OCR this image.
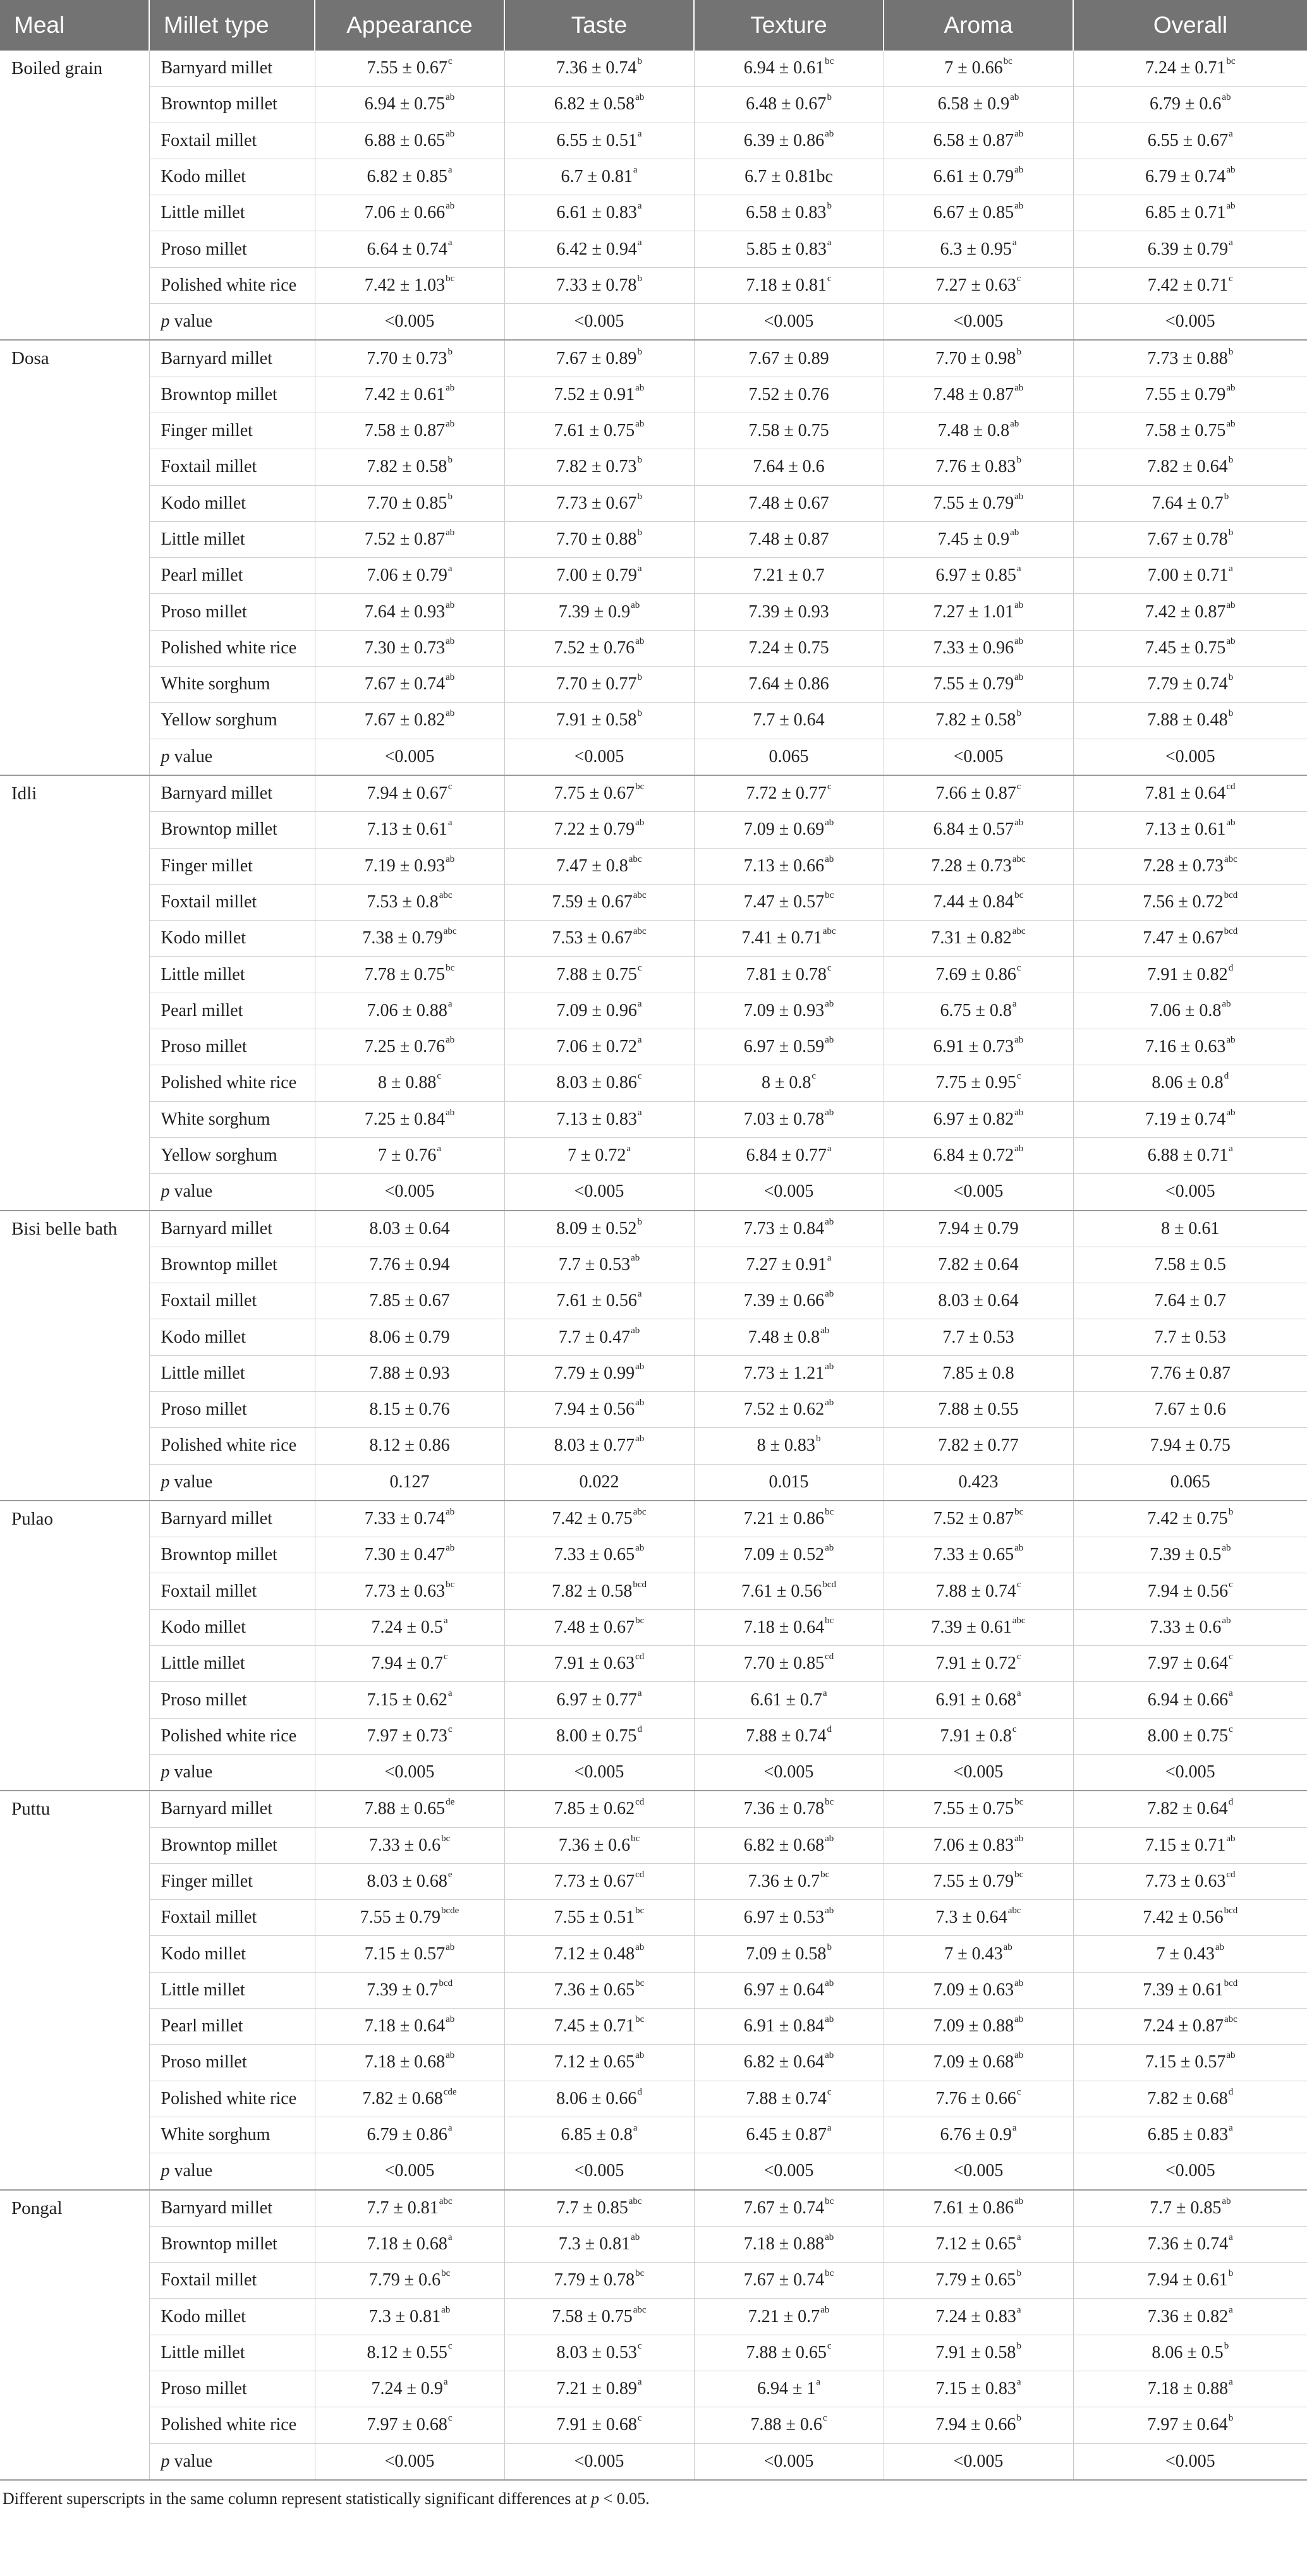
Meal	Millet type	Appearance	Taste	Texture	Aroma	Overall
Boiled grain	Barnyard millet	7.55 ± 0.67$^c$	7.36 ± 0.74$^b$	6.94 ± 0.61$^{bc}$	7 ± 0.66$^{bc}$	7.24 ± 0.71$^{bc}$
	Browntop millet	6.94 ± 0.75$^{ab}$	6.82 ± 0.58$^{ab}$	6.48 ± 0.67$^b$	6.58 ± 0.9$^{ab}$	6.79 ± 0.6$^{ab}$
	Foxtail millet	6.88 ± 0.65$^{ab}$	6.55 ± 0.51$^a$	6.39 ± 0.86$^{ab}$	6.58 ± 0.87$^{ab}$	6.55 ± 0.67$^a$
	Kodo millet	6.82 ± 0.85$^a$	6.7 ± 0.81$^a$	6.7 ± 0.81bc	6.61 ± 0.79$^{ab}$	6.79 ± 0.74$^{ab}$
	Little millet	7.06 ± 0.66$^{ab}$	6.61 ± 0.83$^a$	6.58 ± 0.83$^b$	6.67 ± 0.85$^{ab}$	6.85 ± 0.71$^{ab}$
	Proso millet	6.64 ± 0.74$^a$	6.42 ± 0.94$^a$	5.85 ± 0.83$^a$	6.3 ± 0.95$^a$	6.39 ± 0.79$^a$
	Polished white rice	7.42 ± 1.03$^{bc}$	7.33 ± 0.78$^b$	7.18 ± 0.81$^c$	7.27 ± 0.63$^c$	7.42 ± 0.71$^c$
	p value	<0.005	<0.005	<0.005	<0.005	<0.005
Dosa	Barnyard millet	7.70 ± 0.73$^b$	7.67 ± 0.89$^b$	7.67 ± 0.89	7.70 ± 0.98$^b$	7.73 ± 0.88$^b$
	Browntop millet	7.42 ± 0.61$^{ab}$	7.52 ± 0.91$^{ab}$	7.52 ± 0.76	7.48 ± 0.87$^{ab}$	7.55 ± 0.79$^{ab}$
	Finger millet	7.58 ± 0.87$^{ab}$	7.61 ± 0.75$^{ab}$	7.58 ± 0.75	7.48 ± 0.8$^{ab}$	7.58 ± 0.75$^{ab}$
	Foxtail millet	7.82 ± 0.58$^b$	7.82 ± 0.73$^b$	7.64 ± 0.6	7.76 ± 0.83$^b$	7.82 ± 0.64$^b$
	Kodo millet	7.70 ± 0.85$^b$	7.73 ± 0.67$^b$	7.48 ± 0.67	7.55 ± 0.79$^{ab}$	7.64 ± 0.7$^b$
	Little millet	7.52 ± 0.87$^{ab}$	7.70 ± 0.88$^b$	7.48 ± 0.87	7.45 ± 0.9$^{ab}$	7.67 ± 0.78$^b$
	Pearl millet	7.06 ± 0.79$^a$	7.00 ± 0.79$^a$	7.21 ± 0.7	6.97 ± 0.85$^a$	7.00 ± 0.71$^a$
	Proso millet	7.64 ± 0.93$^{ab}$	7.39 ± 0.9$^{ab}$	7.39 ± 0.93	7.27 ± 1.01$^{ab}$	7.42 ± 0.87$^{ab}$
	Polished white rice	7.30 ± 0.73$^{ab}$	7.52 ± 0.76$^{ab}$	7.24 ± 0.75	7.33 ± 0.96$^{ab}$	7.45 ± 0.75$^{ab}$
	White sorghum	7.67 ± 0.74$^{ab}$	7.70 ± 0.77$^b$	7.64 ± 0.86	7.55 ± 0.79$^{ab}$	7.79 ± 0.74$^b$
	Yellow sorghum	7.67 ± 0.82$^{ab}$	7.91 ± 0.58$^b$	7.7 ± 0.64	7.82 ± 0.58$^b$	7.88 ± 0.48$^b$
	p value	<0.005	<0.005	0.065	<0.005	<0.005
Idli	Barnyard millet	7.94 ± 0.67$^c$	7.75 ± 0.67$^{bc}$	7.72 ± 0.77$^c$	7.66 ± 0.87$^c$	7.81 ± 0.64$^{cd}$
	Browntop millet	7.13 ± 0.61$^a$	7.22 ± 0.79$^{ab}$	7.09 ± 0.69$^{ab}$	6.84 ± 0.57$^{ab}$	7.13 ± 0.61$^{ab}$
	Finger millet	7.19 ± 0.93$^{ab}$	7.47 ± 0.8$^{abc}$	7.13 ± 0.66$^{ab}$	7.28 ± 0.73$^{abc}$	7.28 ± 0.73$^{abc}$
	Foxtail millet	7.53 ± 0.8$^{abc}$	7.59 ± 0.67$^{abc}$	7.47 ± 0.57$^{bc}$	7.44 ± 0.84$^{bc}$	7.56 ± 0.72$^{bcd}$
	Kodo millet	7.38 ± 0.79$^{abc}$	7.53 ± 0.67$^{abc}$	7.41 ± 0.71$^{abc}$	7.31 ± 0.82$^{abc}$	7.47 ± 0.67$^{bcd}$
	Little millet	7.78 ± 0.75$^{bc}$	7.88 ± 0.75$^c$	7.81 ± 0.78$^c$	7.69 ± 0.86$^c$	7.91 ± 0.82$^d$
	Pearl millet	7.06 ± 0.88$^a$	7.09 ± 0.96$^a$	7.09 ± 0.93$^{ab}$	6.75 ± 0.8$^a$	7.06 ± 0.8$^{ab}$
	Proso millet	7.25 ± 0.76$^{ab}$	7.06 ± 0.72$^a$	6.97 ± 0.59$^{ab}$	6.91 ± 0.73$^{ab}$	7.16 ± 0.63$^{ab}$
	Polished white rice	8 ± 0.88$^c$	8.03 ± 0.86$^c$	8 ± 0.8$^c$	7.75 ± 0.95$^c$	8.06 ± 0.8$^d$
	White sorghum	7.25 ± 0.84$^{ab}$	7.13 ± 0.83$^a$	7.03 ± 0.78$^{ab}$	6.97 ± 0.82$^{ab}$	7.19 ± 0.74$^{ab}$
	Yellow sorghum	7 ± 0.76$^a$	7 ± 0.72$^a$	6.84 ± 0.77$^a$	6.84 ± 0.72$^{ab}$	6.88 ± 0.71$^a$
	p value	<0.005	<0.005	<0.005	<0.005	<0.005
Bisi belle bath	Barnyard millet	8.03 ± 0.64	8.09 ± 0.52$^b$	7.73 ± 0.84$^{ab}$	7.94 ± 0.79	8 ± 0.61
	Browntop millet	7.76 ± 0.94	7.7 ± 0.53$^{ab}$	7.27 ± 0.91$^a$	7.82 ± 0.64	7.58 ± 0.5
	Foxtail millet	7.85 ± 0.67	7.61 ± 0.56$^a$	7.39 ± 0.66$^{ab}$	8.03 ± 0.64	7.64 ± 0.7
	Kodo millet	8.06 ± 0.79	7.7 ± 0.47$^{ab}$	7.48 ± 0.8$^{ab}$	7.7 ± 0.53	7.7 ± 0.53
	Little millet	7.88 ± 0.93	7.79 ± 0.99$^{ab}$	7.73 ± 1.21$^{ab}$	7.85 ± 0.8	7.76 ± 0.87
	Proso millet	8.15 ± 0.76	7.94 ± 0.56$^{ab}$	7.52 ± 0.62$^{ab}$	7.88 ± 0.55	7.67 ± 0.6
	Polished white rice	8.12 ± 0.86	8.03 ± 0.77$^{ab}$	8 ± 0.83$^b$	7.82 ± 0.77	7.94 ± 0.75
	p value	0.127	0.022	0.015	0.423	0.065
Pulao	Barnyard millet	7.33 ± 0.74$^{ab}$	7.42 ± 0.75$^{abc}$	7.21 ± 0.86$^{bc}$	7.52 ± 0.87$^{bc}$	7.42 ± 0.75$^b$
	Browntop millet	7.30 ± 0.47$^{ab}$	7.33 ± 0.65$^{ab}$	7.09 ± 0.52$^{ab}$	7.33 ± 0.65$^{ab}$	7.39 ± 0.5$^{ab}$
	Foxtail millet	7.73 ± 0.63$^{bc}$	7.82 ± 0.58$^{bcd}$	7.61 ± 0.56$^{bcd}$	7.88 ± 0.74$^c$	7.94 ± 0.56$^c$
	Kodo millet	7.24 ± 0.5$^a$	7.48 ± 0.67$^{bc}$	7.18 ± 0.64$^{bc}$	7.39 ± 0.61$^{abc}$	7.33 ± 0.6$^{ab}$
	Little millet	7.94 ± 0.7$^c$	7.91 ± 0.63$^{cd}$	7.70 ± 0.85$^{cd}$	7.91 ± 0.72$^c$	7.97 ± 0.64$^c$
	Proso millet	7.15 ± 0.62$^a$	6.97 ± 0.77$^a$	6.61 ± 0.7$^a$	6.91 ± 0.68$^a$	6.94 ± 0.66$^a$
	Polished white rice	7.97 ± 0.73$^c$	8.00 ± 0.75$^d$	7.88 ± 0.74$^d$	7.91 ± 0.8$^c$	8.00 ± 0.75$^c$
	p value	<0.005	<0.005	<0.005	<0.005	<0.005
Puttu	Barnyard millet	7.88 ± 0.65de	7.85 ± 0.62$^{cd}$	7.36 ± 0.78$^{bc}$	7.55 ± 0.75$^{bc}$	7.82 ± 0.64$^d$
	Browntop millet	7.33 ± 0.6$^{bc}$	7.36 ± 0.6$^{bc}$	6.82 ± 0.68$^{ab}$	7.06 ± 0.83$^{ab}$	7.15 ± 0.71$^{ab}$
	Finger millet	8.03 ± 0.68$^e$	7.73 ± 0.67$^{cd}$	7.36 ± 0.7$^{bc}$	7.55 ± 0.79$^{bc}$	7.73 ± 0.63$^{cd}$
	Foxtail millet	$7.55 \pm 0.79^{bcde}$	7.55 ± 0.51$^{bc}$	6.97 ± 0.53$^{ab}$	7.3 ± 0.64$^{abc}$	7.42 ± 0.56$^{bcd}$
	Kodo millet	7.15 ± 0.57$^{ab}$	7.12 ± 0.48$^{ab}$	7.09 ± 0.58$^b$	7 ± 0.43$^{ab}$	7 ± 0.43$^{ab}$
	Little millet	7.39 ± 0.7$^{bcd}$	7.36 ± 0.65$^{bc}$	6.97 ± 0.64$^{ab}$	7.09 ± 0.63$^{ab}$	7.39 ± 0.61$^{bcd}$
	Pearl millet	7.18 ± 0.64$^{ab}$	7.45 ± 0.71$^{bc}$	6.91 ± 0.84$^{ab}$	7.09 ± 0.88$^{ab}$	7.24 ± 0.87$^{abc}$
	Proso millet	7.18 ± 0.68$^{ab}$	7.12 ± 0.65$^{ab}$	6.82 ± 0.64$^{ab}$	7.09 ± 0.68$^{ab}$	7.15 ± 0.57$^{ab}$
	Polished white rice	7.82 ± 0.68$^{cde}$	8.06 ± 0.66$^d$	7.88 ± 0.74$^c$	7.76 ± 0.66$^c$	7.82 ± 0.68$^d$
	White sorghum	6.79 ± 0.86$^a$	6.85 ± 0.8$^a$	6.45 ± 0.87$^a$	6.76 ± 0.9$^a$	6.85 ± 0.83$^a$
	p value	<0.005	<0.005	<0.005	<0.005	<0.005
Pongal	Barnyard millet	7.7 ± 0.81$^{abc}$	7.7 ± 0.85$^{abc}$	7.67 ± 0.74$^{bc}$	7.61 ± 0.86$^{ab}$	7.7 ± 0.85$^{ab}$
	Browntop millet	7.18 ± 0.68$^a$	7.3 ± 0.81$^{ab}$	7.18 ± 0.88$^{ab}$	7.12 ± 0.65$^a$	7.36 ± 0.74$^a$
	Foxtail millet	7.79 ± 0.6$^{bc}$	7.79 ± 0.78$^{bc}$	7.67 ± 0.74$^{bc}$	7.79 ± 0.65$^b$	7.94 ± 0.61$^b$
	Kodo millet	7.3 ± 0.81$^{ab}$	7.58 ± 0.75$^{abc}$	7.21 ± 0.7$^{ab}$	7.24 ± 0.83$^a$	7.36 ± 0.82$^a$
	Little millet	8.12 ± 0.55$^c$	8.03 ± 0.53$^c$	7.88 ± 0.65$^c$	7.91 ± 0.58$^b$	8.06 ± 0.5$^b$
	Proso millet	7.24 ± 0.9$^a$	7.21 ± 0.89$^a$	$6.94 \pm 1^a$	7.15 ± 0.83$^a$	7.18 ± 0.88$^a$
	Polished white rice	7.97 ± 0.68$^c$	7.91 ± 0.68$^c$	7.88 ± 0.6$^c$	7.94 ± 0.66$^b$	7.97 ± 0.64$^b$
	p value	<0.005	<0.005	<0.005	<0.005	<0.005
Different superscripts in the same column represent statistically significant differences at p < 0.05.
